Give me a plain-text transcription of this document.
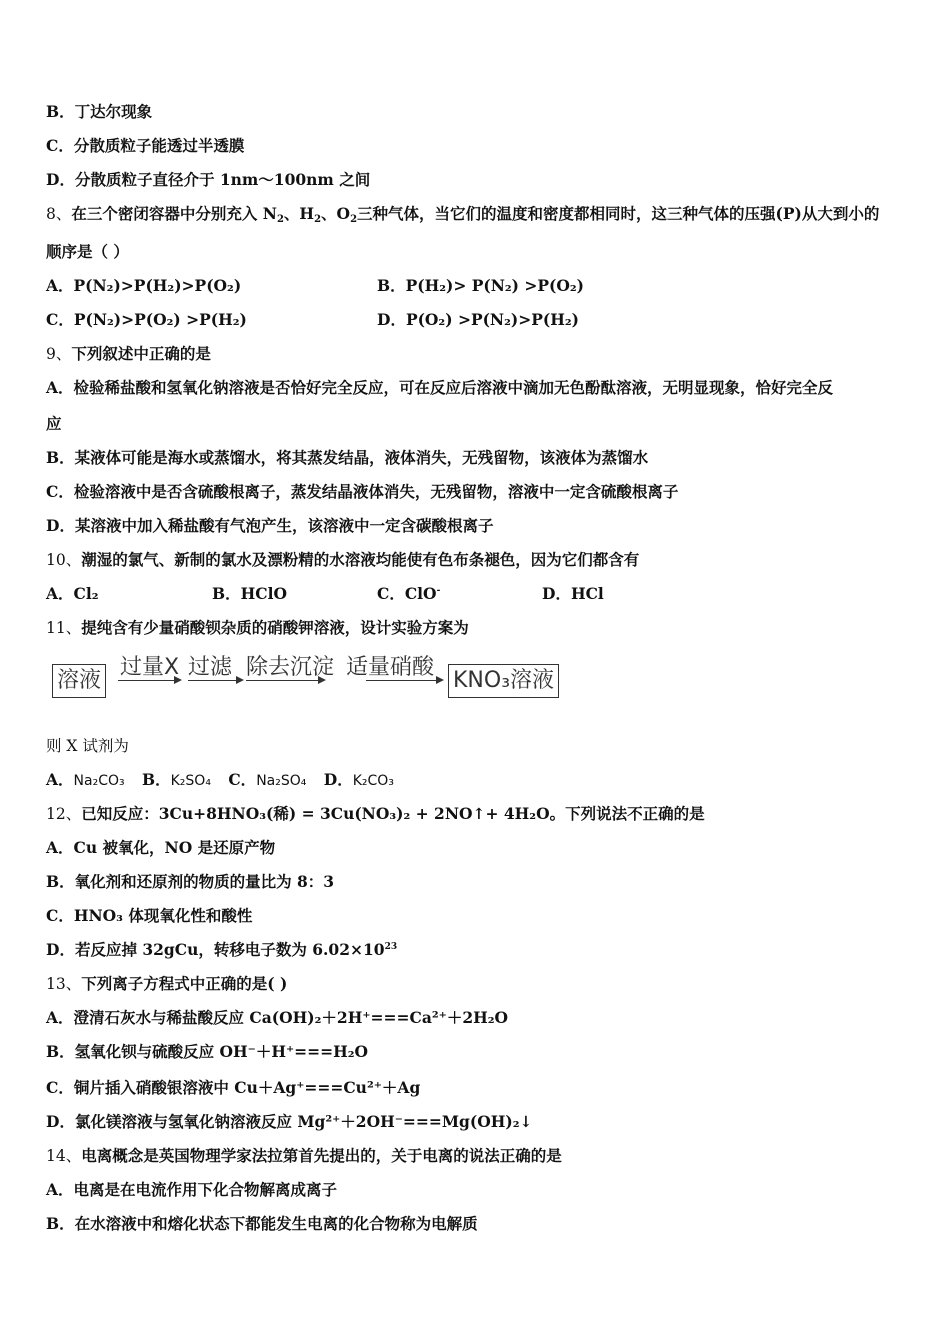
B．丁达尔现象
C．分散质粒子能透过半透膜
D．分散质粒子直径介于 1nm～100nm 之间
8、在三个密闭容器中分别充入 $N_2$、$H_2$、$O_2$三种气体，当它们的温度和密度都相同时，这三种气体的压强(P)从大到小的
顺序是（ ）
A．P(N₂)>P(H₂)>P(O₂)	B．P(H₂)> P(N₂) >P(O₂)
C．P(N₂)>P(O₂) >P(H₂)	D．P(O₂) >P(N₂)>P(H₂)
9、下列叙述中正确的是
A．检验稀盐酸和氢氧化钠溶液是否恰好完全反应，可在反应后溶液中滴加无色酚酞溶液，无明显现象，恰好完全反
应
B．某液体可能是海水或蒸馏水，将其蒸发结晶，液体消失，无残留物，该液体为蒸馏水
C．检验溶液中是否含硫酸根离子，蒸发结晶液体消失，无残留物，溶液中一定含硫酸根离子
D．某溶液中加入稀盐酸有气泡产生，该溶液中一定含碳酸根离子
10、潮湿的氯气、新制的氯水及漂粉精的水溶液均能使有色布条褪色，因为它们都含有
A．Cl₂	B．HClO	C．ClO-	D．HCl
11、提纯含有少量硝酸钡杂质的硝酸钾溶液，设计实验方案为
溶液
过量X 过滤 除去沉淀 适量硝酸
KNO₃溶液
则 X 试剂为
A．Na₂CO₃ B．K₂SO₄ C．Na₂SO₄ D．K₂CO₃
12、已知反应：3Cu+8HNO₃(稀) = 3Cu(NO₃)₂ + 2NO↑+ 4H₂O。下列说法不正确的是
A．Cu 被氧化，NO 是还原产物
B．氧化剂和还原剂的物质的量比为 8：3
C．HNO₃ 体现氧化性和酸性
D．若反应掉 32gCu，转移电子数为 $6.02\times 10^{23}$
13、下列离子方程式中正确的是( )
A．澄清石灰水与稀盐酸反应 Ca(OH)₂＋2H⁺===Ca²⁺＋2H₂O
B．氢氧化钡与硫酸反应 OH⁻＋H⁺===H₂O
C．铜片插入硝酸银溶液中 Cu＋Ag⁺===Cu²⁺＋Ag
D．氯化镁溶液与氢氧化钠溶液反应 Mg²⁺＋2OH⁻===Mg(OH)₂↓
14、电离概念是英国物理学家法拉第首先提出的，关于电离的说法正确的是
A．电离是在电流作用下化合物解离成离子
B．在水溶液中和熔化状态下都能发生电离的化合物称为电解质
